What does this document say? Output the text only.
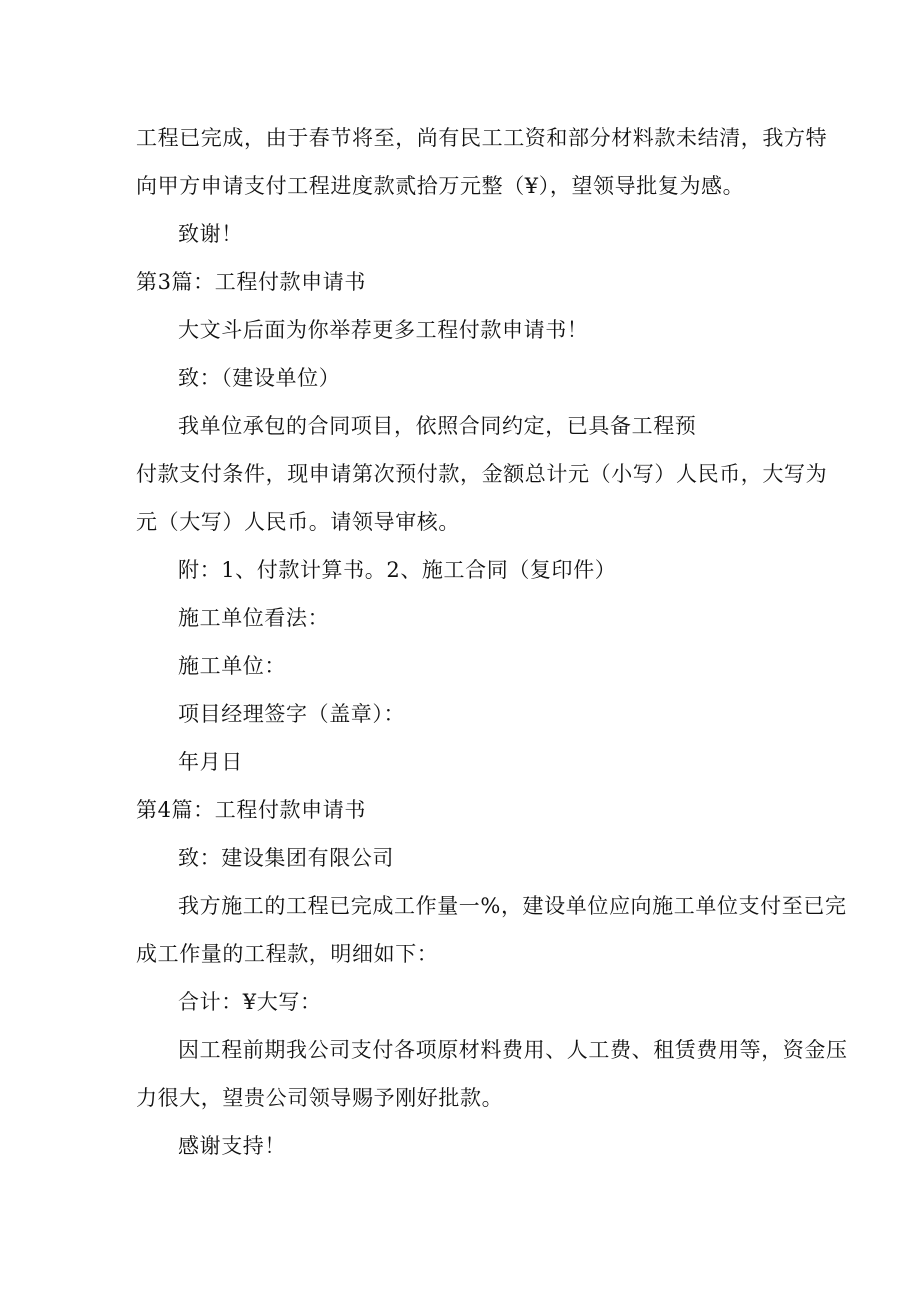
工程已完成，由于春节将至，尚有民工工资和部分材料款未结清，我方特
向甲方申请支付工程进度款贰拾万元整（¥），望领导批复为感。
致谢！
第3篇：工程付款申请书
大文斗后面为你举荐更多工程付款申请书！
致：（建设单位）
我单位承包的合同项目，依照合同约定，已具备工程预
付款支付条件，现申请第次预付款，金额总计元（小写）人民币，大写为
元（大写）人民币。请领导审核。
附：1、付款计算书。2、施工合同（复印件）
施工单位看法：
施工单位：
项目经理签字（盖章）：
年月日
第4篇：工程付款申请书
致：建设集团有限公司
我方施工的工程已完成工作量一%，建设单位应向施工单位支付至已完
成工作量的工程款，明细如下：
合计：¥大写：
因工程前期我公司支付各项原材料费用、人工费、租赁费用等，资金压
力很大，望贵公司领导赐予刚好批款。
感谢支持！
